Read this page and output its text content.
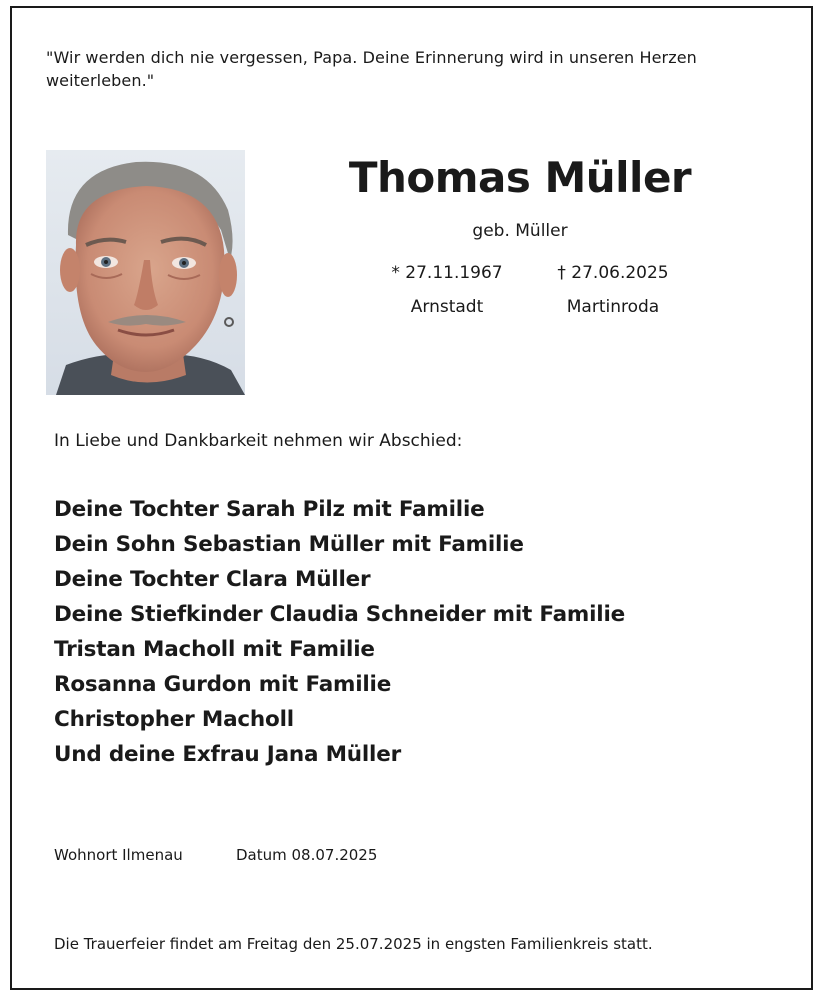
"Wir werden dich nie vergessen, Papa. Deine Erinnerung wird in unseren Herzen weiterleben."
Thomas Müller
geb. Müller
* 27.11.1967	† 27.06.2025
Arnstadt	Martinroda
In Liebe und Dankbarkeit nehmen wir Abschied:
Deine Tochter Sarah Pilz mit Familie
Dein Sohn Sebastian Müller mit Familie
Deine Tochter Clara Müller
Deine Stiefkinder Claudia Schneider mit Familie
Tristan Macholl mit Familie
Rosanna Gurdon mit Familie
Christopher Macholl
Und deine Exfrau Jana Müller
Wohnort Ilmenau	Datum 08.07.2025
Die Trauerfeier findet am Freitag den 25.07.2025 in engsten Familienkreis statt.
